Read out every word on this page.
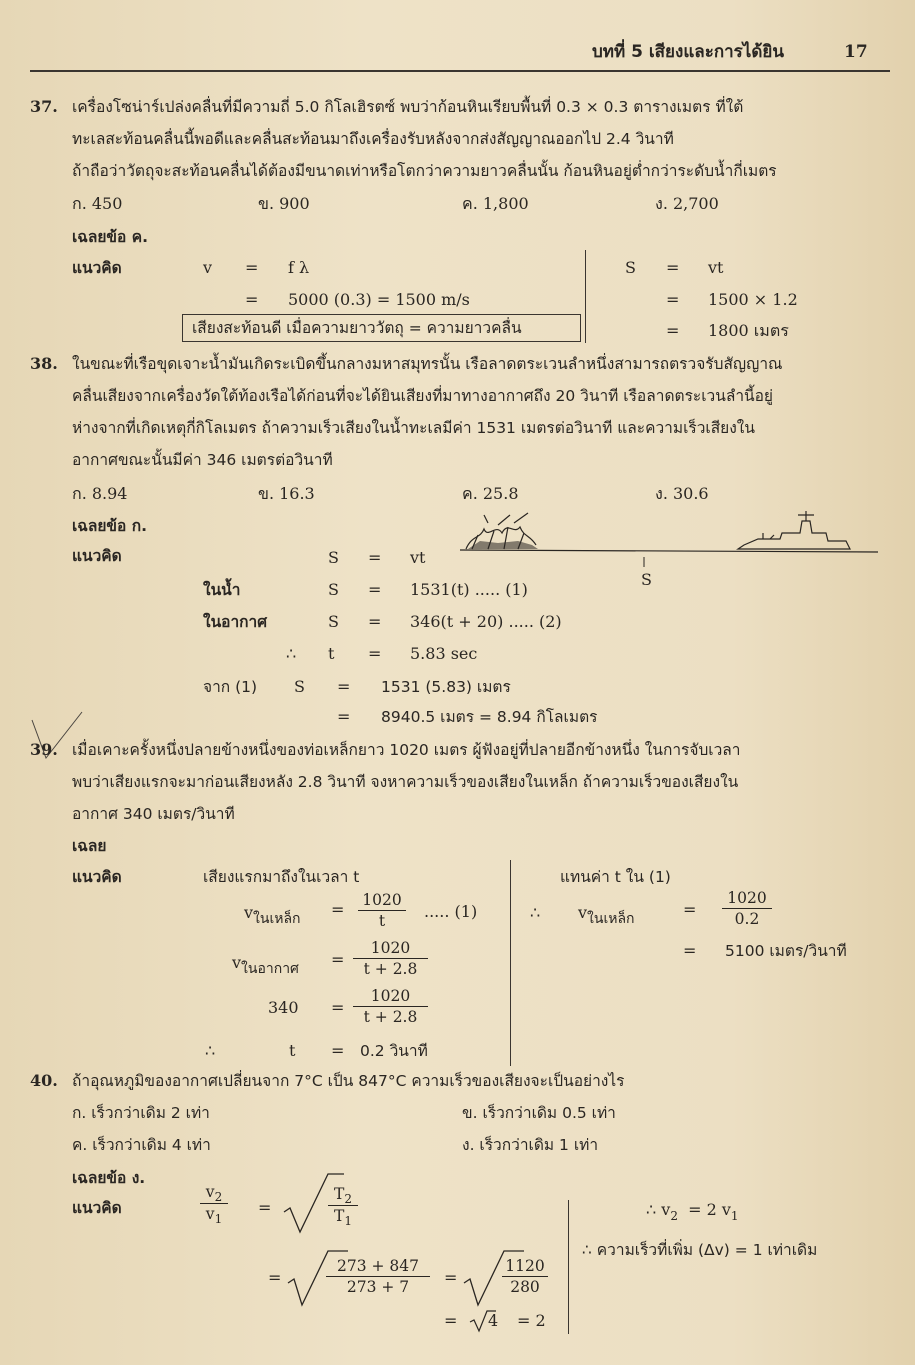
บทที่ 5 เสียงและการได้ยิน	17
37. เครื่องโซน่าร์เปล่งคลื่นที่มีความถี่ 5.0 กิโลเฮิรตซ์ พบว่าก้อนหินเรียบพื้นที่ 0.3 × 0.3 ตารางเมตร ที่ใต้
ทะเลสะท้อนคลื่นนี้พอดีและคลื่นสะท้อนมาถึงเครื่องรับหลังจากส่งสัญญาณออกไป 2.4 วินาที
ถ้าถือว่าวัตถุจะสะท้อนคลื่นได้ต้องมีขนาดเท่าหรือโตกว่าความยาวคลื่นนั้น ก้อนหินอยู่ต่ำกว่าระดับน้ำกี่เมตร
ก. 450	ข. 900	ค. 1,800	ง. 2,700
เฉลยข้อ ค.
แนวคิด	v = f λ
= 5000 (0.3) = 1500 m/s
เสียงสะท้อนดี เมื่อความยาววัตถุ = ความยาวคลื่น
S = vt
= 1500 × 1.2
= 1800 เมตร
38. ในขณะที่เรือขุดเจาะน้ำมันเกิดระเบิดขึ้นกลางมหาสมุทรนั้น เรือลาดตระเวนลำหนึ่งสามารถตรวจรับสัญญาณ
คลื่นเสียงจากเครื่องวัดใต้ท้องเรือได้ก่อนที่จะได้ยินเสียงที่มาทางอากาศถึง 20 วินาที เรือลาดตระเวนลำนี้อยู่
ห่างจากที่เกิดเหตุกี่กิโลเมตร ถ้าความเร็วเสียงในน้ำทะเลมีค่า 1531 เมตรต่อวินาที และความเร็วเสียงใน
อากาศขณะนั้นมีค่า 346 เมตรต่อวินาที
ก. 8.94	ข. 16.3	ค. 25.8	ง. 30.6
เฉลยข้อ ก.
แนวคิด
S
S = vt
ในน้ำ	S = 1531(t) ..... (1)
ในอากาศ	S = 346(t + 20) ..... (2)
∴ t = 5.83 sec
จาก (1) S = 1531 (5.83) เมตร
= 8940.5 เมตร = 8.94 กิโลเมตร
39. เมื่อเคาะครั้งหนึ่งปลายข้างหนึ่งของท่อเหล็กยาว 1020 เมตร ผู้ฟังอยู่ที่ปลายอีกข้างหนึ่ง ในการจับเวลา
พบว่าเสียงแรกจะมาก่อนเสียงหลัง 2.8 วินาที จงหาความเร็วของเสียงในเหล็ก ถ้าความเร็วของเสียงใน
อากาศ 340 เมตร/วินาที
เฉลย
แนวคิด	เสียงแรกมาถึงในเวลา t
vในเหล็ก = $\frac{1020}{t}$ ..... (1)
vในอากาศ = $\frac{1020}{t + 2.8}$
$340 = \frac{1020}{t + 2.8}$
∴	t = 0.2 วินาที
แทนค่า t ใน (1)
∴ vในเหล็ก	= $\frac{1020}{0.2}$
= 5100 เมตร/วินาที
40. ถ้าอุณหภูมิของอากาศเปลี่ยนจาก 7°C เป็น 847°C ความเร็วของเสียงจะเป็นอย่างไร
ก. เร็วกว่าเดิม 2 เท่า	ข. เร็วกว่าเดิม 0.5 เท่า
ค. เร็วกว่าเดิม 4 เท่า	ง. เร็วกว่าเดิม 1 เท่า
เฉลยข้อ ง.
แนวคิด	$\frac{v_2}{v_1}$ =	$\frac{T_2}{T_1}$
=	$\frac{273 + 847}{273 + 7}$ =	$\frac{1120}{280}$
= 4 = 2
∴ $v_2 = 2$ $v_1$
∴ ความเร็วที่เพิ่ม (Δv) = 1 เท่าเดิม
